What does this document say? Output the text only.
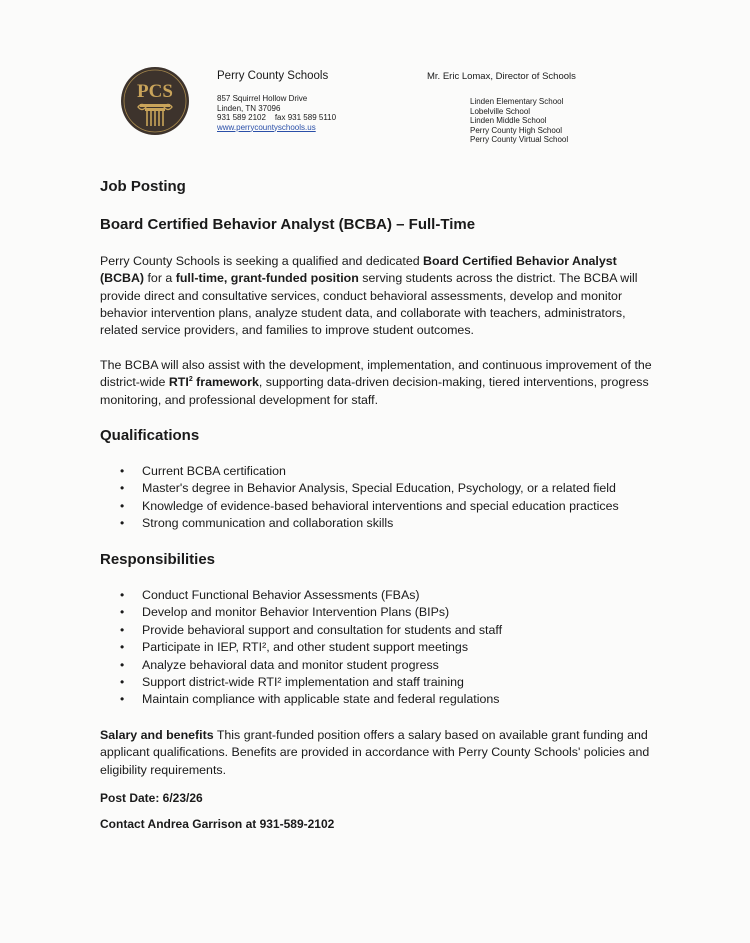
PCS
Perry County Schools
857 Squirrel Hollow Drive
Linden, TN 37096
931 589 2102 fax 931 589 5110
www.perrycountyschools.us
Mr. Eric Lomax, Director of Schools
Linden Elementary School
Lobelville School
Linden Middle School
Perry County High School
Perry County Virtual School
Job Posting
Board Certified Behavior Analyst (BCBA) – Full-Time
Perry County Schools is seeking a qualified and dedicated Board Certified Behavior Analyst (BCBA) for a full-time, grant-funded position serving students across the district. The BCBA will provide direct and consultative services, conduct behavioral assessments, develop and monitor behavior intervention plans, analyze student data, and collaborate with teachers, administrators, related service providers, and families to improve student outcomes.
The BCBA will also assist with the development, implementation, and continuous improvement of the district-wide RTI$^2$ framework, supporting data-driven decision-making, tiered interventions, progress monitoring, and professional development for staff.
Qualifications
• Current BCBA certification
• Master's degree in Behavior Analysis, Special Education, Psychology, or a related field
• Knowledge of evidence-based behavioral interventions and special education practices
• Strong communication and collaboration skills
Responsibilities
• Conduct Functional Behavior Assessments (FBAs)
• Develop and monitor Behavior Intervention Plans (BIPs)
• Provide behavioral support and consultation for students and staff
• Participate in IEP, RTI², and other student support meetings
• Analyze behavioral data and monitor student progress
• Support district-wide RTI² implementation and staff training
• Maintain compliance with applicable state and federal regulations
Salary and benefits This grant-funded position offers a salary based on available grant funding and applicant qualifications. Benefits are provided in accordance with Perry County Schools' policies and eligibility requirements.
Post Date: 6/23/26
Contact Andrea Garrison at 931-589-2102
